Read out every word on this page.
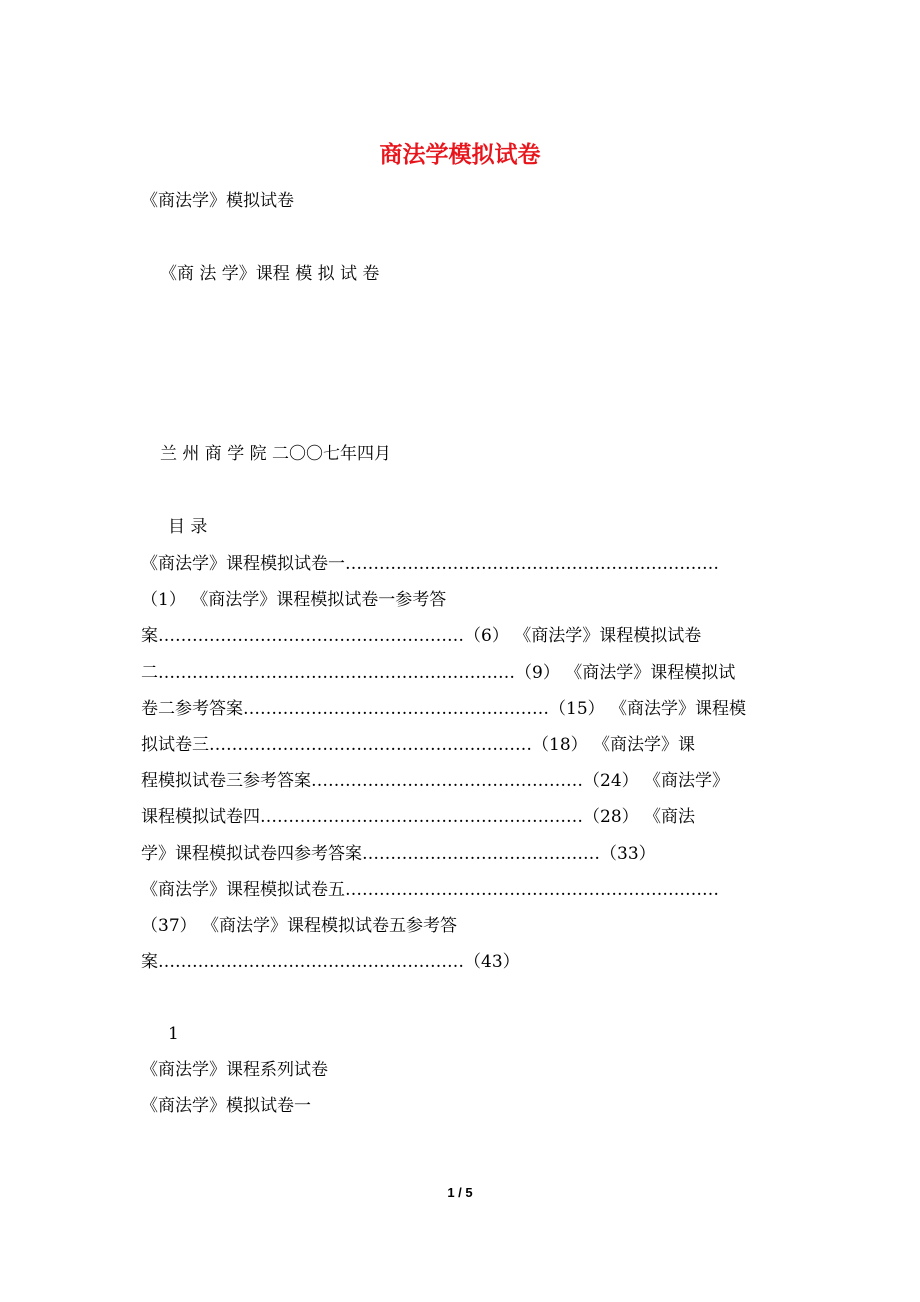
商法学模拟试卷
《商法学》模拟试卷
《商 法 学》课程 模 拟 试 卷
兰 州 商 学 院 二〇〇七年四月
目 录
《商法学》课程模拟试卷一…………………………………………………………
（1） 《商法学》课程模拟试卷一参考答
案………………………………………………（6） 《商法学》课程模拟试卷
二………………………………………………………（9） 《商法学》课程模拟试
卷二参考答案………………………………………………（15） 《商法学》课程模
拟试卷三…………………………………………………（18） 《商法学》课
程模拟试卷三参考答案…………………………………………（24） 《商法学》
课程模拟试卷四…………………………………………………（28） 《商法
学》课程模拟试卷四参考答案……………………………………（33）
《商法学》课程模拟试卷五…………………………………………………………
（37） 《商法学》课程模拟试卷五参考答
案………………………………………………（43）
1
《商法学》课程系列试卷
《商法学》模拟试卷一
1 / 5
